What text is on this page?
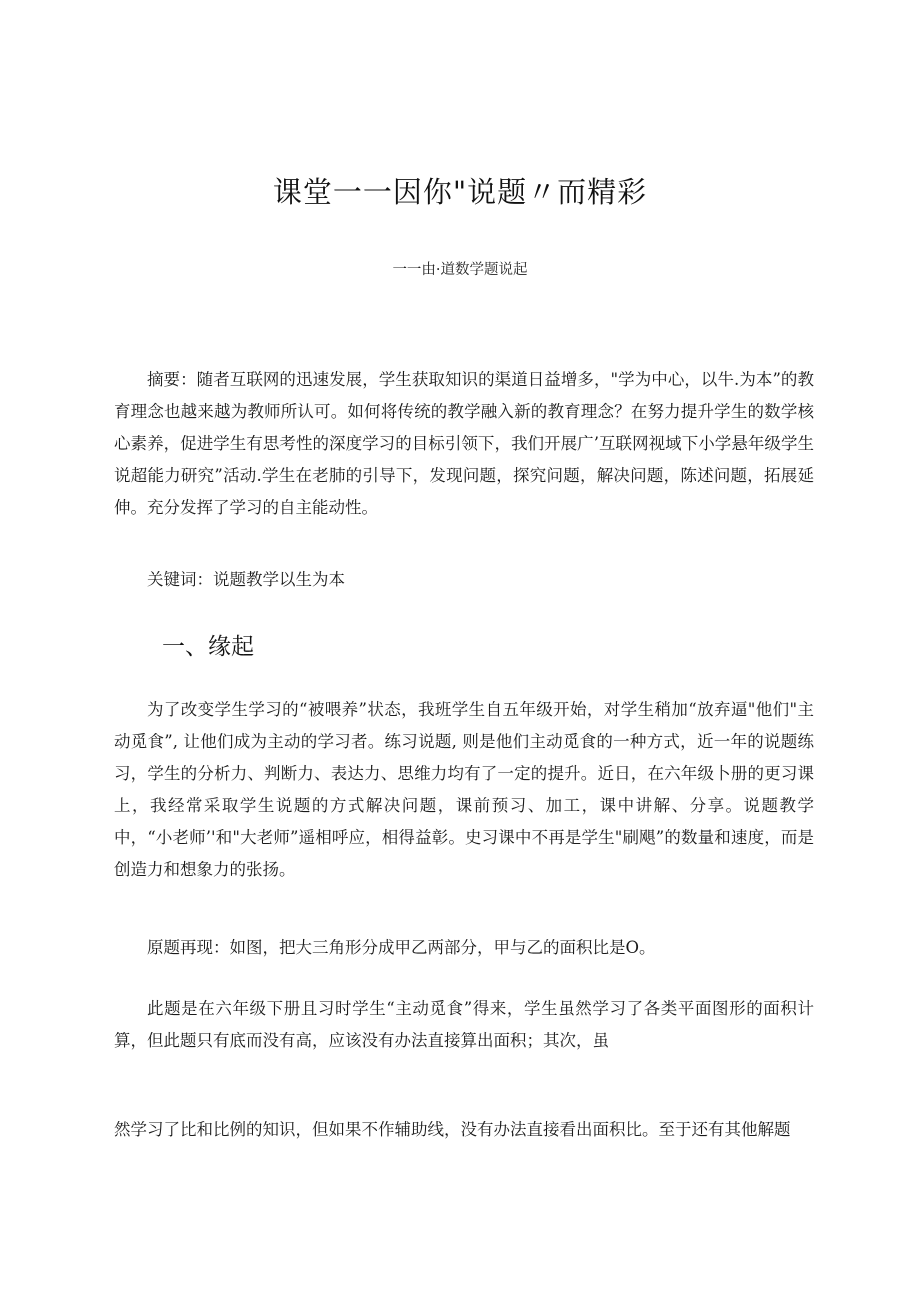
课堂一一因你"说题〃而精彩
一一由·道数学题说起

摘要：随者互联网的迅速发展，学生获取知识的渠道日益增多，"学为中心，以牛.为本”的教育理念也越来越为教师所认可。如何将传统的教学融入新的教育理念？在努力提升学生的数学核心素养，促进学生有思考性的深度学习的目标引领下，我们开展广’互联网视域下小学悬年级学生说超能力研究”活动.学生在老肺的引导下，发现问题，探究问题，解决问题，陈述问题，拓展延伸。充分发挥了学习的自主能动性。

关键词：说题教学以生为本

一、缘起

为了改变学生学习的“被喂养”状态，我班学生自五年级开始，对学生稍加“放弃逼"他们"主动觅食”, 让他们成为主动的学习者。练习说题, 则是他们主动觅食的一种方式，近一年的说题练习，学生的分析力、判断力、表达力、思维力均有了一定的提升。近日，在六年级卜册的更习课上，我经常采取学生说题的方式解决问题，课前预习、加工，课中讲解、分享。说题教学中，“小老师’'和"大老师”遥相呼应，相得益彰。史习课中不再是学生"刷飓”的数量和速度，而是创造力和想象力的张扬。

原题再现：如图，把大三角形分成甲乙两部分，甲与乙的面积比是O。

此题是在六年级下册且习时学生“主动觅食”得来，学生虽然学习了各类平面图形的面积计算，但此题只有底而没有高，应该没有办法直接算出面积；其次，虽

然学习了比和比例的知识，但如果不作辅助线，没有办法直接看出面积比。至于还有其他解题
